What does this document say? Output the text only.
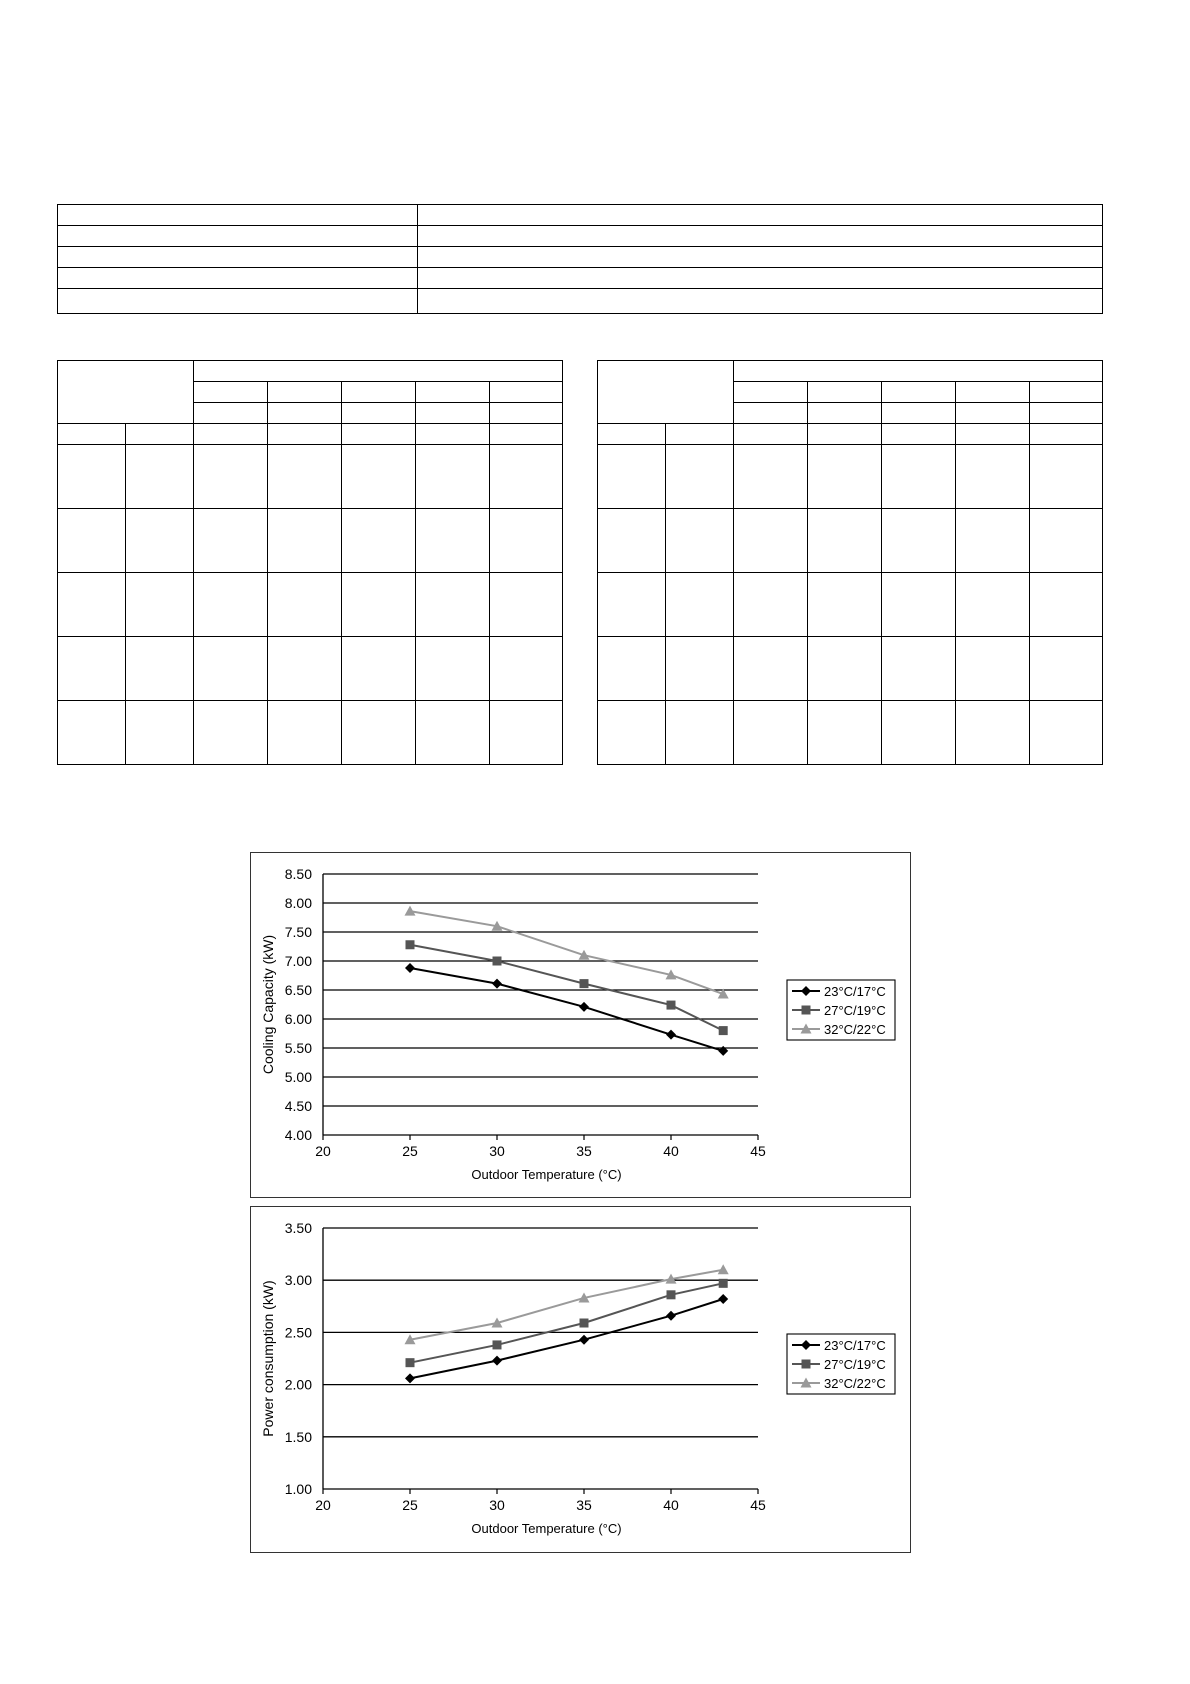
4.00
4.50
5.00
5.50
6.00
6.50
7.00
7.50
8.00
8.50
20	25	30	35	40	45
Outdoor Temperature (°C)
Cooling Capacity (kW)	23°C/17°C
27°C/19°C
32°C/22°C
1.00
1.50
2.00
2.50
3.00
3.50
20	25	30	35	40	45
Outdoor Temperature (°C)
Power consumption (kW)	23°C/17°C
27°C/19°C
32°C/22°C
